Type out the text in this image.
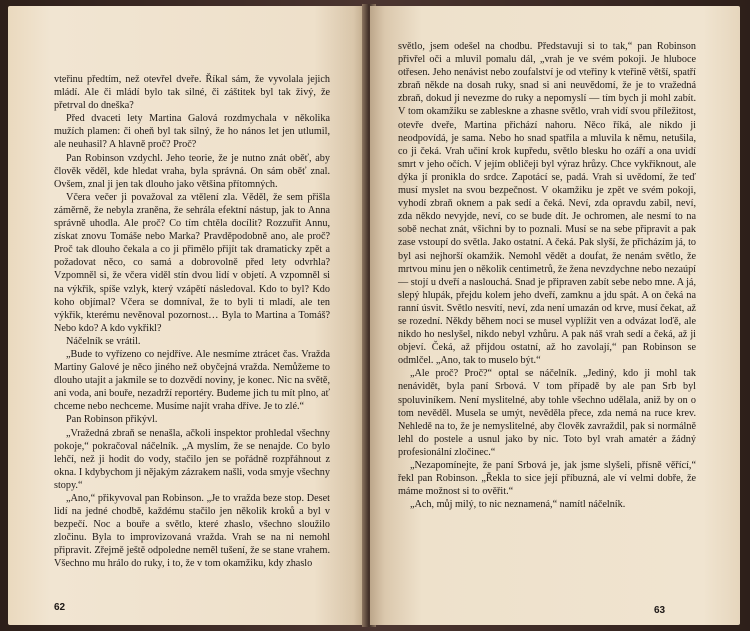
vteřinu předtím, než otevřel dveře. Říkal sám, že vyvolala jejich mládí. Ale či mládí bylo tak silné, či záštitek byl tak živý, že přetrval do dneška?

Před dvaceti lety Martina Galová rozdmychala v několika mužích plamen: či oheň byl tak silný, že ho nános let jen utlumil, ale neuhasil? A hlavně proč? Proč?

Pan Robinson vzdychl. Jeho teorie, že je nutno znát oběť, aby člověk věděl, kde hledat vraha, byla správná. On sám oběť znal. Ovšem, znal ji jen tak dlouho jako většina přítomných.

Včera večer ji považoval za vtělení zla. Věděl, že sem přišla záměrně, že nebyla zraněna, že sehrála efektní nástup, jak to Anna správně uhodla. Ale proč? Co tím chtěla docílit? Rozzuřit Annu, získat znovu Tomáše nebo Marka? Pravděpodobně ano, ale proč? Proč tak dlouho čekala a co ji přimělo přijít tak dramaticky zpět a požadovat něco, co samá a dobrovolně před lety odvrhla? Vzpomněl si, že včera viděl stín dvou lidí v objetí. A vzpomněl si na výkřik, spíše vzlyk, který vzápětí následoval. Kdo to byl? Kdo koho objímal? Včera se domníval, že to byli ti mladí, ale ten výkřik, kterému nevěnoval pozornost… Byla to Martina a Tomáš? Nebo kdo? A kdo vykřikl?

Náčelník se vrátil.

„Bude to vyřízeno co nejdříve. Ale nesmíme ztrácet čas. Vražda Martiny Galové je něco jiného než obyčejná vražda. Nemůžeme to dlouho utajit a jakmile se to dozvědí noviny, je konec. Nic na světě, ani voda, ani bouře, nezadrží reportéry. Budeme jich tu mít plno, ať chceme nebo nechceme. Musíme najít vraha dříve. Je to zlé.“

Pan Robinson přikývl.

„Vražedná zbraň se nenašla, ačkoli inspektor prohledal všechny pokoje,“ pokračoval náčelník. „A myslím, že se nenajde. Co bylo lehčí, než ji hodit do vody, stačilo jen se pořádně rozpřáhnout z okna. I kdybychom ji nějakým zázrakem našli, voda smyje všechny stopy.“

„Ano,“ přikyvoval pan Robinson. „Je to vražda beze stop. Deset lidí na jedné chodbě, každému stačilo jen několik kroků a byl v bezpečí. Noc a bouře a světlo, které zhaslo, všechno sloužilo zločinu. Byla to improvizovaná vražda. Vrah se na ni nemohl připravit. Zřejmě ještě odpoledne neměl tušení, že se stane vrahem. Všechno mu hrálo do ruky, i to, že v tom okamžiku, kdy zhaslo

62

světlo, jsem odešel na chodbu. Představuji si to tak,“ pan Robinson přivřel oči a mluvil pomalu dál, „vrah je ve svém pokoji. Je hluboce otřesen. Jeho nenávist nebo zoufalství je od vteřiny k vteřině větší, spatří zbraň někde na dosah ruky, snad si ani neuvědomí, že je to vražedná zbraň, dokud ji nevezme do ruky a nepomyslí — tím bych ji mohl zabít. V tom okamžiku se zableskne a zhasne světlo, vrah vidí svou příležitost, otevře dveře, Martina přichází nahoru. Něco říká, ale nikdo ji neodpovídá, je sama. Nebo ho snad spatřila a mluvila k němu, netušila, co ji čeká. Vrah učiní krok kupředu, světlo blesku ho ozáří a ona uvidí smrt v jeho očích. V jejím obličeji byl výraz hrůzy. Chce vykřiknout, ale dýka jí pronikla do srdce. Zapotácí se, padá. Vrah si uvědomí, že teď musí myslet na svou bezpečnost. V okamžiku je zpět ve svém pokoji, vyhodí zbraň oknem a pak sedí a čeká. Neví, zda opravdu zabil, neví, zda někdo nevyjde, neví, co se bude dít. Je ochromen, ale nesmí to na sobě nechat znát, všichni by to poznali. Musí se na sebe připravit a pak zase vstoupí do světla. Jako ostatní. A čeká. Pak slyší, že přicházím já, to byl asi nejhorší okamžik. Nemohl vědět a doufat, že nenám světlo, že mrtvou minu jen o několik centimetrů, že žena nevzdychne nebo nezaúpí — stojí u dveří a naslouchá. Snad je připraven zabít sebe nebo mne. A já, slepý hlupák, přejdu kolem jeho dveří, zamknu a jdu spát. A on čeká na ranní úsvit. Světlo nesvítí, neví, zda není umazán od krve, musí čekat, až se rozední. Někdy během noci se musel vyplížit ven a odvázat loďě, ale nikdo ho neslyšel, nikdo nebyl vzhůru. A pak náš vrah sedí a čeká, až ji objeví. Čeká, až přijdou ostatní, až ho zavolají,“ pan Robinson se odmlčel. „Ano, tak to muselo být.“

„Ale proč? Proč?“ optal se náčelník. „Jediný, kdo ji mohl tak nenávidět, byla paní Srbová. V tom případě by ale pan Srb byl spoluviníkem. Není myslitelné, aby tohle všechno udělala, aniž by on o tom nevěděl. Musela se umýt, nevěděla přece, zda nemá na ruce krev. Nehledě na to, že je nemyslitelné, aby člověk zavraždil, pak si normálně lehl do postele a usnul jako by nic. Toto byl vrah amatér a žádný profesionální zločinec.“

„Nezapomínejte, že paní Srbová je, jak jsme slyšeli, přísně věřící,“ řekl pan Robinson. „Řekla to sice její příbuzná, ale ví velmi dobře, že máme možnost si to ověřit.“

„Ach, můj milý, to nic neznamená,“ namítl náčelník.

63
